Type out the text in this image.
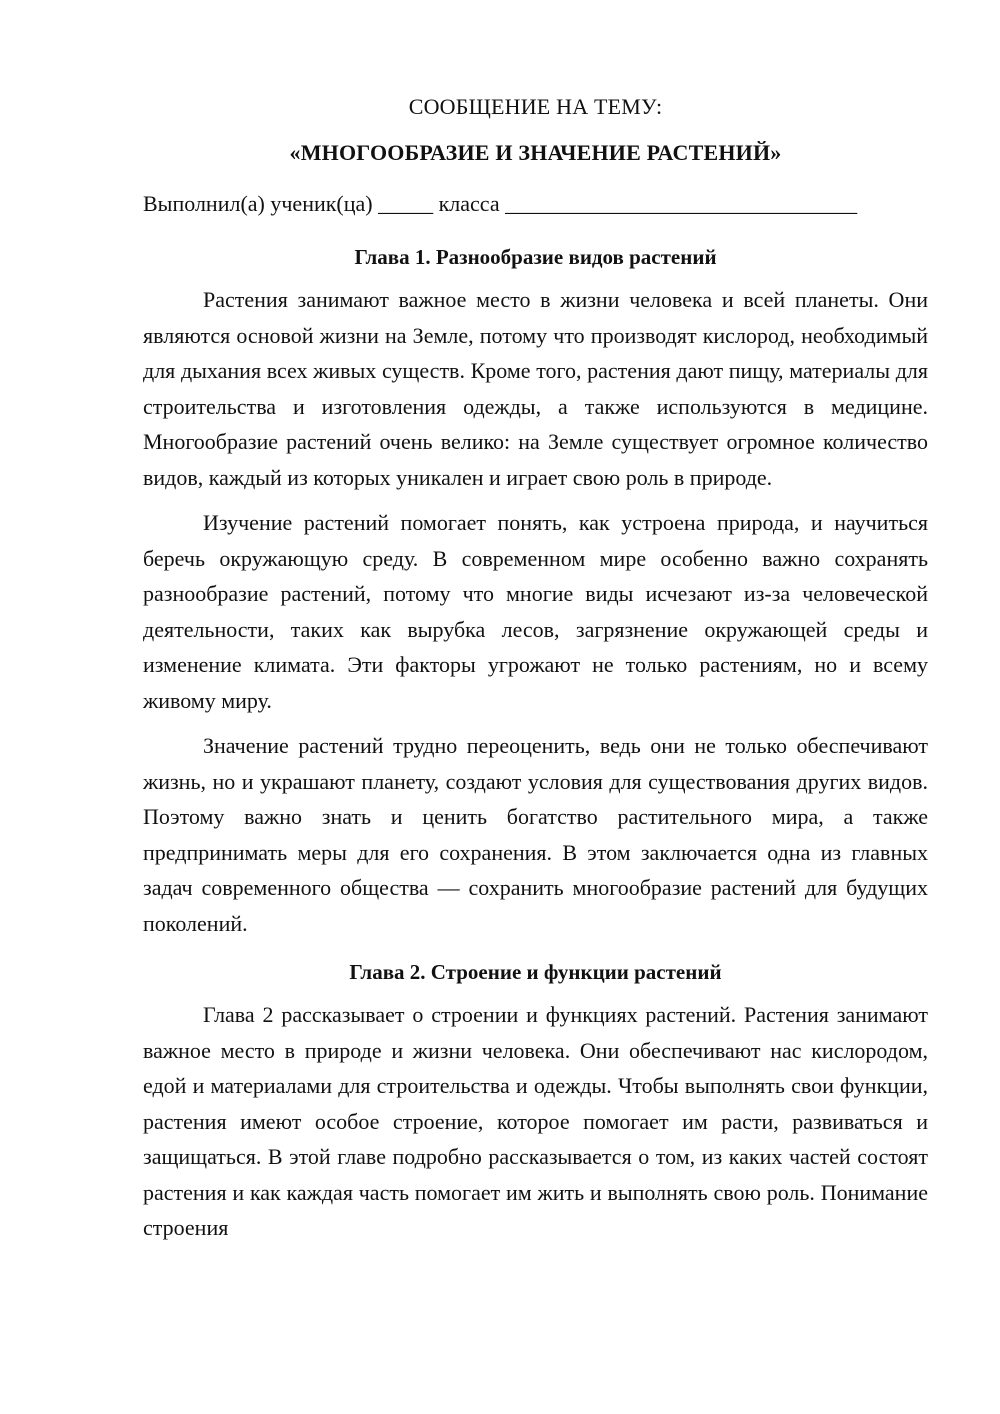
СООБЩЕНИЕ НА ТЕМУ:
«МНОГООБРАЗИЕ И ЗНАЧЕНИЕ РАСТЕНИЙ»
Выполнил(а) ученик(ца) _____ класса ________________________________
Глава 1. Разнообразие видов растений

Растения занимают важное место в жизни человека и всей планеты. Они являются основой жизни на Земле, потому что производят кислород, необходимый для дыхания всех живых существ. Кроме того, растения дают пищу, материалы для строительства и изготовления одежды, а также используются в медицине. Многообразие растений очень велико: на Земле существует огромное количество видов, каждый из которых уникален и играет свою роль в природе.

Изучение растений помогает понять, как устроена природа, и научиться беречь окружающую среду. В современном мире особенно важно сохранять разнообразие растений, потому что многие виды исчезают из-за человеческой деятельности, таких как вырубка лесов, загрязнение окружающей среды и изменение климата. Эти факторы угрожают не только растениям, но и всему живому миру.

Значение растений трудно переоценить, ведь они не только обеспечивают жизнь, но и украшают планету, создают условия для существования других видов. Поэтому важно знать и ценить богатство растительного мира, а также предпринимать меры для его сохранения. В этом заключается одна из главных задач современного общества — сохранить многообразие растений для будущих поколений.

Глава 2. Строение и функции растений

Глава 2 рассказывает о строении и функциях растений. Растения занимают важное место в природе и жизни человека. Они обеспечивают нас кислородом, едой и материалами для строительства и одежды. Чтобы выполнять свои функции, растения имеют особое строение, которое помогает им расти, развиваться и защищаться. В этой главе подробно рассказывается о том, из каких частей состоят растения и как каждая часть помогает им жить и выполнять свою роль. Понимание строения
